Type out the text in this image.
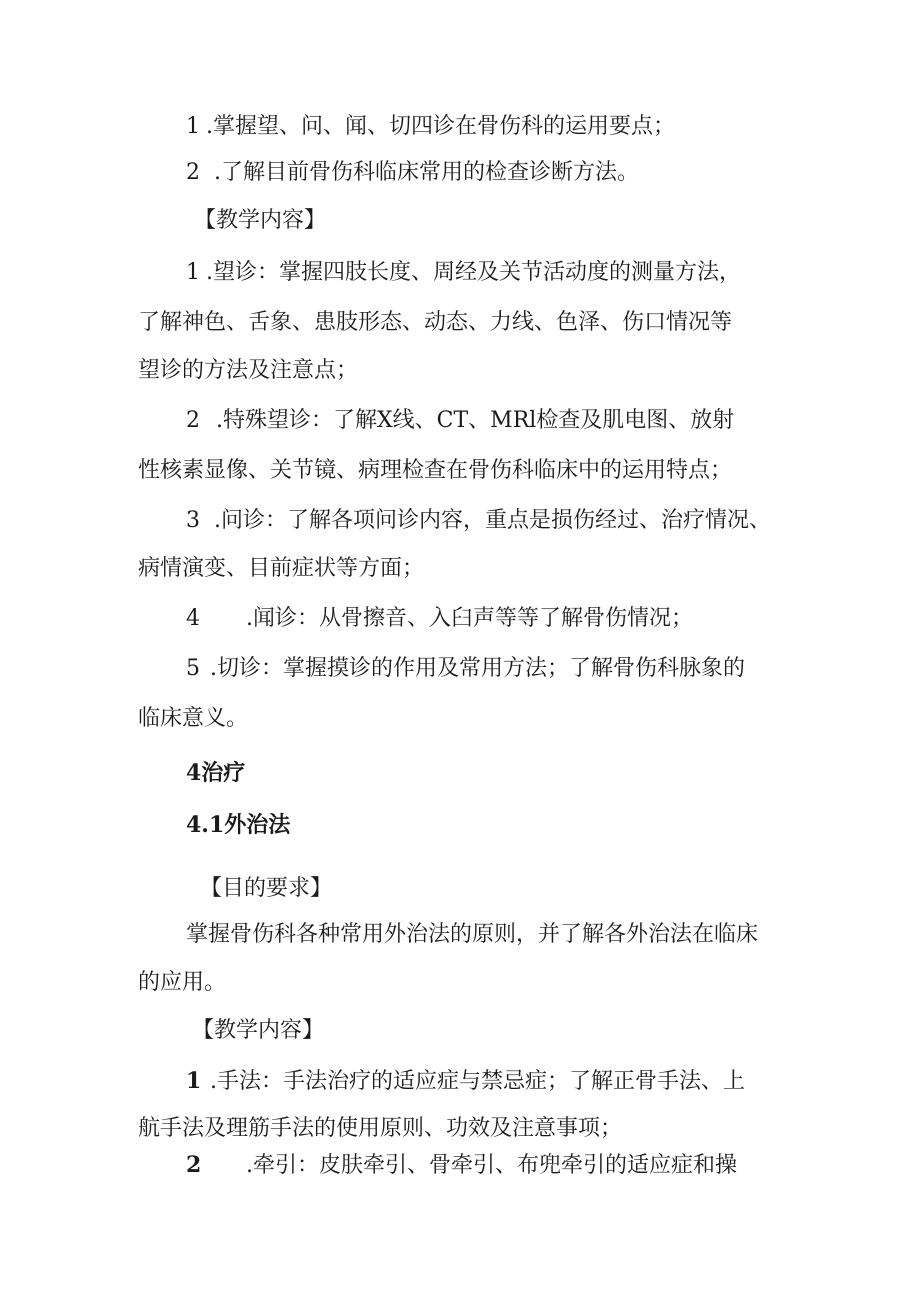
1 .掌握望、问、闻、切四诊在骨伤科的运用要点；
2 .了解目前骨伤科临床常用的检查诊断方法。
【教学内容】
1 .望诊：掌握四肢长度、周经及关节活动度的测量方法，
了解神色、舌象、患肢形态、动态、力线、色泽、伤口情况等
望诊的方法及注意点；
2 .特殊望诊：了解X线、CT、MRl检查及肌电图、放射
性核素显像、关节镜、病理检查在骨伤科临床中的运用特点；
3 .问诊：了解各项问诊内容，重点是损伤经过、治疗情况、
病情演变、目前症状等方面；
4 .闻诊：从骨擦音、入臼声等等了解骨伤情况；
5 .切诊：掌握摸诊的作用及常用方法；了解骨伤科脉象的
临床意义。
4治疗
4.1外治法
【目的要求】
掌握骨伤科各种常用外治法的原则，并了解各外治法在临床
的应用。
【教学内容】
1 .手法：手法治疗的适应症与禁忌症；了解正骨手法、上
航手法及理筋手法的使用原则、功效及注意事项；
2 .牵引：皮肤牵引、骨牵引、布兜牵引的适应症和操
